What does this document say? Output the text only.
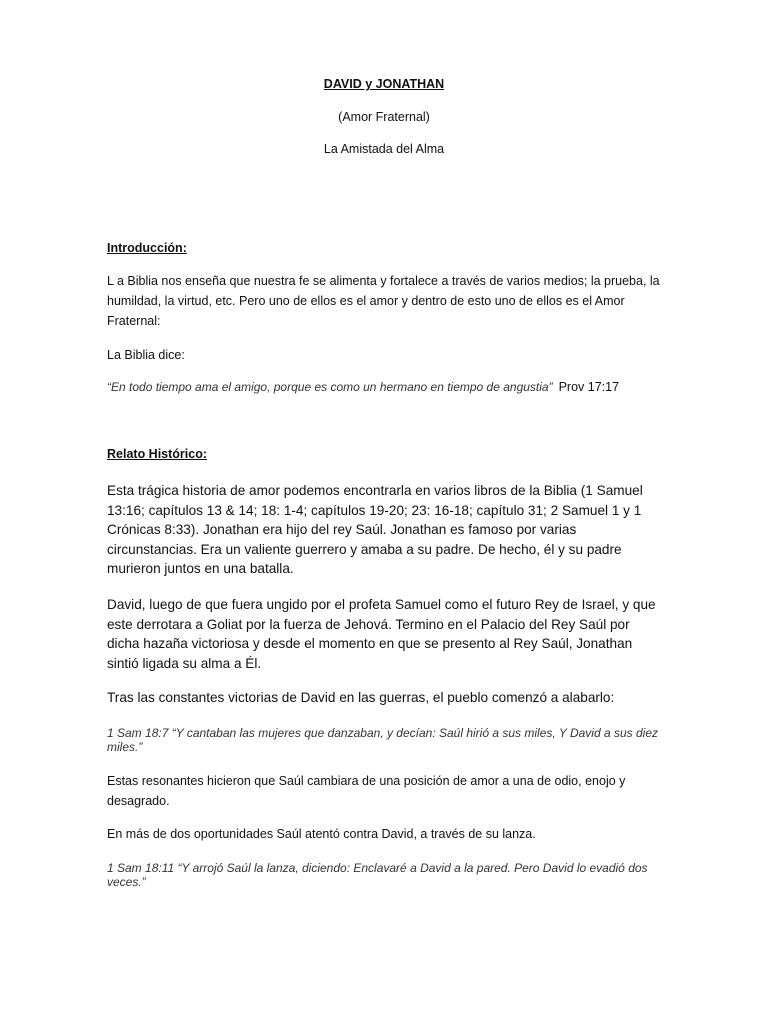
DAVID y JONATHAN
(Amor Fraternal)
La Amistada del Alma
Introducción:
L a Biblia nos enseña que nuestra fe se alimenta y fortalece a través de varios medios; la prueba, la humildad, la virtud, etc. Pero uno de ellos es el amor y dentro de esto uno de ellos es el Amor Fraternal:
La Biblia dice:
“En todo tiempo ama el amigo, porque es como un hermano en tiempo de angustia” Prov 17:17
Relato Histórico:
Esta trágica historia de amor podemos encontrarla en varios libros de la Biblia (1 Samuel 13:16; capítulos 13 & 14; 18: 1-4; capítulos 19-20; 23: 16-18; capítulo 31; 2 Samuel 1 y 1 Crónicas 8:33). Jonathan era hijo del rey Saúl. Jonathan es famoso por varias circunstancias. Era un valiente guerrero y amaba a su padre. De hecho, él y su padre murieron juntos en una batalla.
David, luego de que fuera ungido por el profeta Samuel como el futuro Rey de Israel, y que este derrotara a Goliat por la fuerza de Jehová. Termino en el Palacio del Rey Saúl por dicha hazaña victoriosa y desde el momento en que se presento al Rey Saúl, Jonathan sintió ligada su alma a Él.
Tras las constantes victorias de David en las guerras, el pueblo comenzó a alabarlo:
1 Sam 18:7 “Y cantaban las mujeres que danzaban, y decían: Saúl hirió a sus miles, Y David a sus diez miles.”
Estas resonantes hicieron que Saúl cambiara de una posición de amor a una de odio, enojo y desagrado.
En más de dos oportunidades Saúl atentó contra David, a través de su lanza.
1 Sam 18:11 “Y arrojó Saúl la lanza, diciendo: Enclavaré a David a la pared. Pero David lo evadió dos veces.”
